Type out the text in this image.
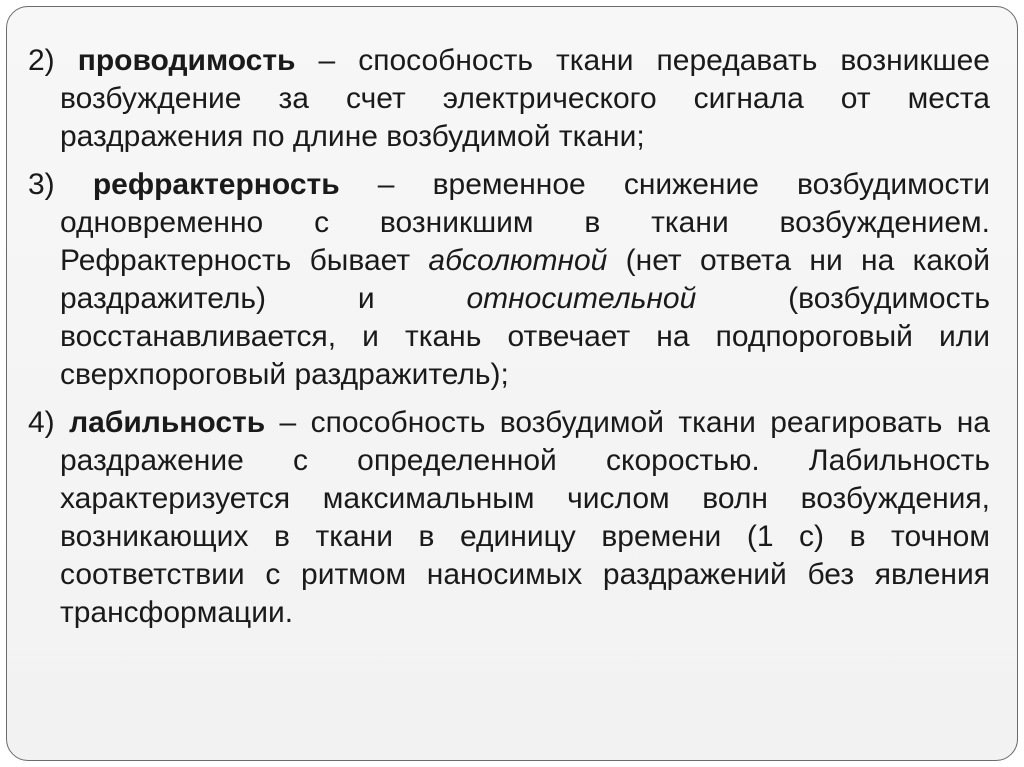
2) проводимость – способность ткани передавать возникшее возбуждение за счет электрического сигнала от места раздражения по длине возбудимой ткани;

3) рефрактерность – временное снижение возбудимости одновременно с возникшим в ткани возбуждением. Рефрактерность бывает абсолютной (нет ответа ни на какой раздражитель) и относительной (возбудимость восстанавливается, и ткань отвечает на подпороговый или сверхпороговый раздражитель);

4) лабильность – способность возбудимой ткани реагировать на раздражение с определенной скоростью. Лабильность характеризуется максимальным числом волн возбуждения, возникающих в ткани в единицу времени (1 с) в точном соответствии с ритмом наносимых раздражений без явления трансформации.
